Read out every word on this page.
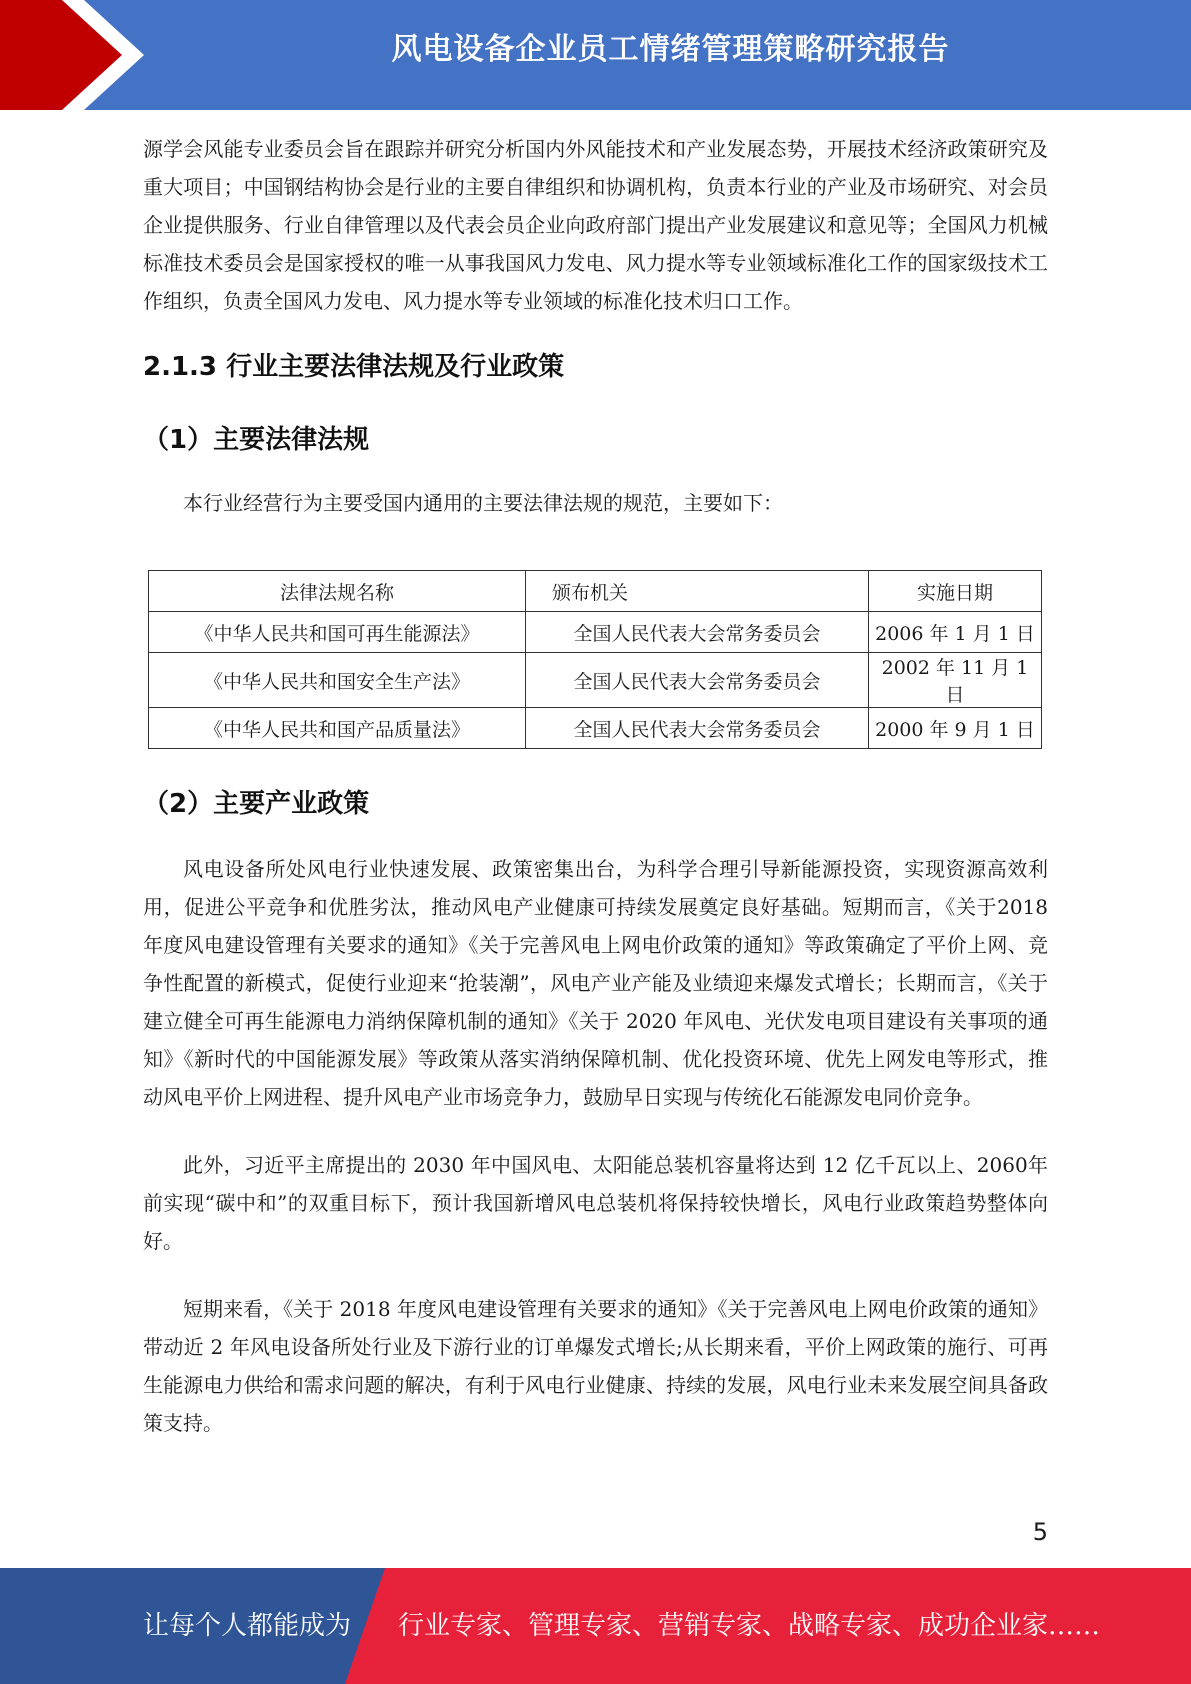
风电设备企业员工情绪管理策略研究报告

源学会风能专业委员会旨在跟踪并研究分析国内外风能技术和产业发展态势，开展技术经济政策研究及重大项目；中国钢结构协会是行业的主要自律组织和协调机构，负责本行业的产业及市场研究、对会员企业提供服务、行业自律管理以及代表会员企业向政府部门提出产业发展建议和意见等；全国风力机械标准技术委员会是国家授权的唯一从事我国风力发电、风力提水等专业领域标准化工作的国家级技术工作组织，负责全国风力发电、风力提水等专业领域的标准化技术归口工作。

2.1.3 行业主要法律法规及行业政策
（1）主要法律法规

本行业经营行为主要受国内通用的主要法律法规的规范，主要如下：

法律法规名称	颁布机关	实施日期
《中华人民共和国可再生能源法》	全国人民代表大会常务委员会	2006 年 1 月 1 日
《中华人民共和国安全生产法》	全国人民代表大会常务委员会	2002 年 11 月 1 日
《中华人民共和国产品质量法》	全国人民代表大会常务委员会	2000 年 9 月 1 日
（2）主要产业政策

风电设备所处风电行业快速发展、政策密集出台，为科学合理引导新能源投资，实现资源高效利用，促进公平竞争和优胜劣汰，推动风电产业健康可持续发展奠定良好基础。短期而言，《关于2018 年度风电建设管理有关要求的通知》《关于完善风电上网电价政策的通知》等政策确定了平价上网、竞争性配置的新模式，促使行业迎来“抢装潮”，风电产业产能及业绩迎来爆发式增长；长期而言，《关于建立健全可再生能源电力消纳保障机制的通知》《关于 2020 年风电、光伏发电项目建设有关事项的通知》《新时代的中国能源发展》等政策从落实消纳保障机制、优化投资环境、优先上网发电等形式，推动风电平价上网进程、提升风电产业市场竞争力，鼓励早日实现与传统化石能源发电同价竞争。

此外，习近平主席提出的 2030 年中国风电、太阳能总装机容量将达到 12 亿千瓦以上、2060年前实现“碳中和”的双重目标下，预计我国新增风电总装机将保持较快增长，风电行业政策趋势整体向好。

短期来看，《关于 2018 年度风电建设管理有关要求的通知》《关于完善风电上网电价政策的通知》带动近 2 年风电设备所处行业及下游行业的订单爆发式增长;从长期来看，平价上网政策的施行、可再生能源电力供给和需求问题的解决，有利于风电行业健康、持续的发展，风电行业未来发展空间具备政策支持。

5
让每个人都能成为 行业专家、管理专家、营销专家、战略专家、成功企业家……
